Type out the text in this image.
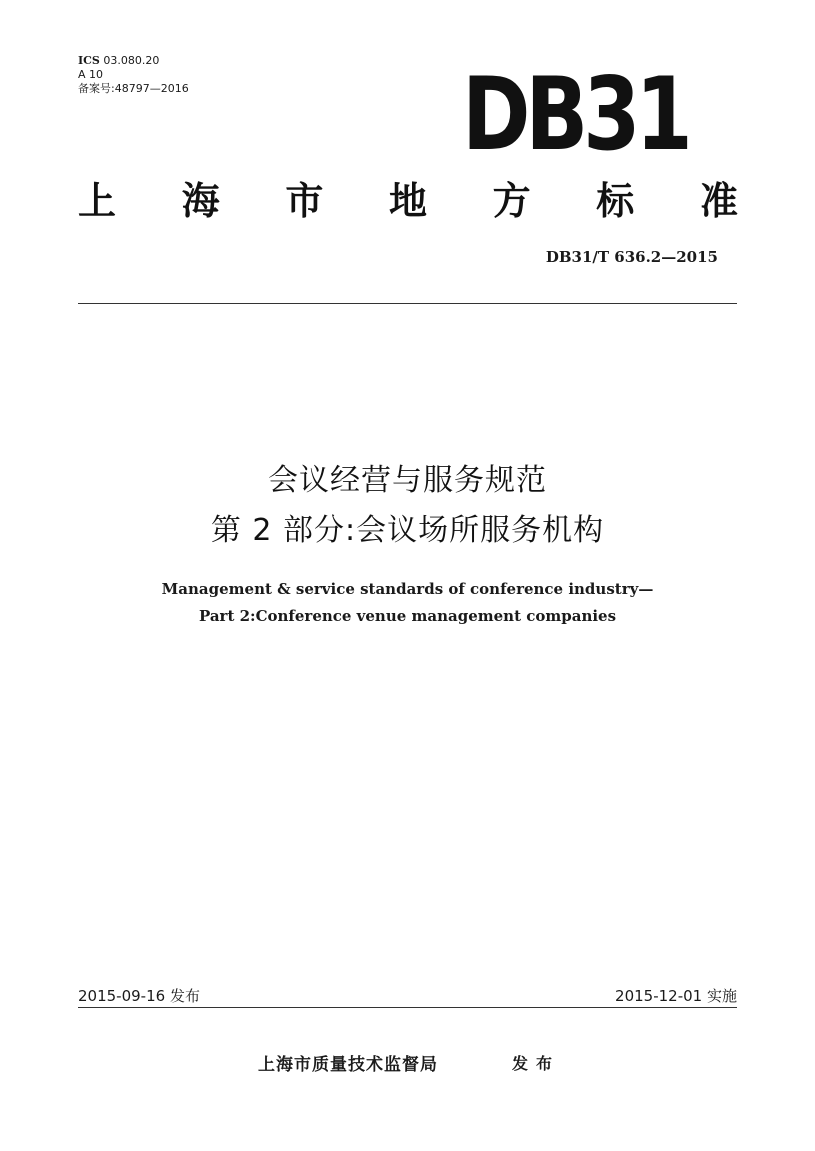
ICS 03.080.20
A 10
备案号:48797—2016	DB31
上 海 市 地 方 标 准
DB31/T 636.2—2015
会议经营与服务规范
第 2 部分:会议场所服务机构
Management & service standards of conference industry—
Part 2:Conference venue management companies
2015-09-16 发布	2015-12-01 实施
上海市质量技术监督局	发布
